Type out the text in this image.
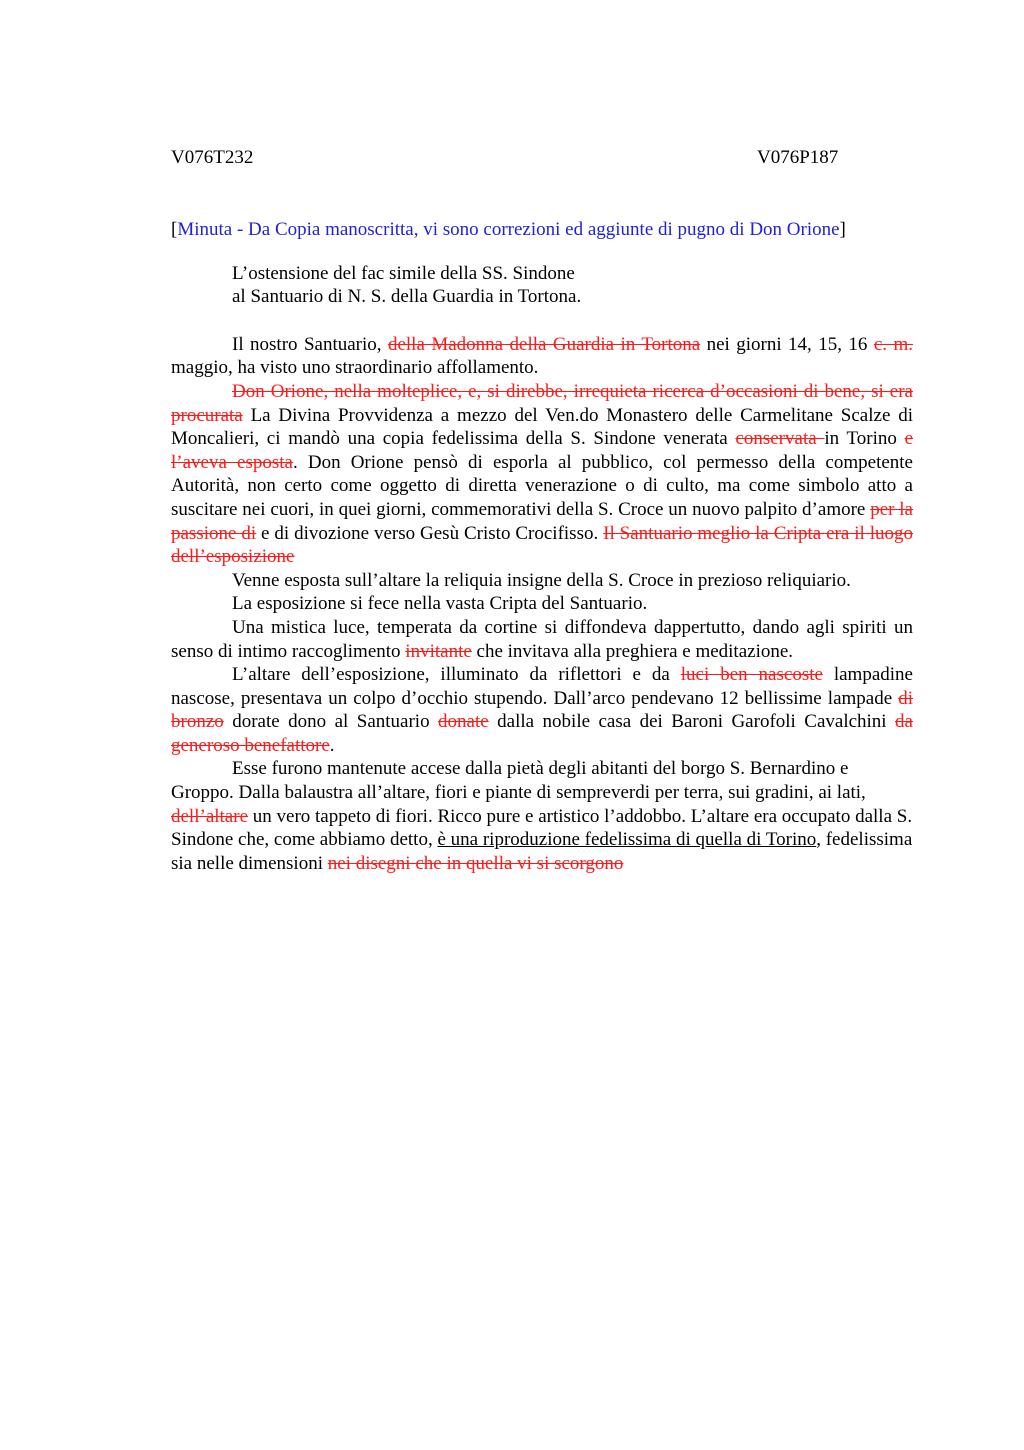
V076T232	V076P187
[Minuta - Da Copia manoscritta, vi sono correzioni ed aggiunte di pugno di Don Orione]
L’ostensione del fac simile della SS. Sindone
al Santuario di N. S. della Guardia in Tortona.

Il nostro Santuario, della Madonna della Guardia in Tortona nei giorni 14, 15, 16 c. m. maggio, ha visto uno straordinario affollamento.

Don Orione, nella molteplice, e, si direbbe, irrequieta ricerca d’occasioni di bene, si era procurata La Divina Provvidenza a mezzo del Ven.do Monastero delle Carmelitane Scalze di Moncalieri, ci mandò una copia fedelissima della S. Sindone venerata conservata in Torino e l’aveva esposta. Don Orione pensò di esporla al pubblico, col permesso della competente Autorità, non certo come oggetto di diretta venerazione o di culto, ma come simbolo atto a suscitare nei cuori, in quei giorni, commemorativi della S. Croce un nuovo palpito d’amore per la passione di e di divozione verso Gesù Cristo Crocifisso. Il Santuario meglio la Cripta era il luogo dell’esposizione

Venne esposta sull’altare la reliquia insigne della S. Croce in prezioso reliquiario.

La esposizione si fece nella vasta Cripta del Santuario.

Una mistica luce, temperata da cortine si diffondeva dappertutto, dando agli spiriti un senso di intimo raccoglimento invitante che invitava alla preghiera e meditazione.

L’altare dell’esposizione, illuminato da riflettori e da luci ben nascoste lampadine nascose, presentava un colpo d’occhio stupendo. Dall’arco pendevano 12 bellissime lampade di bronzo dorate dono al Santuario donate dalla nobile casa dei Baroni Garofoli Cavalchini da generoso benefattore.

Esse furono mantenute accese dalla pietà degli abitanti del borgo S. Bernardino e Groppo. Dalla balaustra all’altare, fiori e piante di sempreverdi per terra, sui gradini, ai lati, dell’altare un vero tappeto di fiori. Ricco pure e artistico l’addobbo. L’altare era occupato dalla S. Sindone che, come abbiamo detto, è una riproduzione fedelissima di quella di Torino, fedelissima sia nelle dimensioni nei disegni che in quella vi si scorgono
